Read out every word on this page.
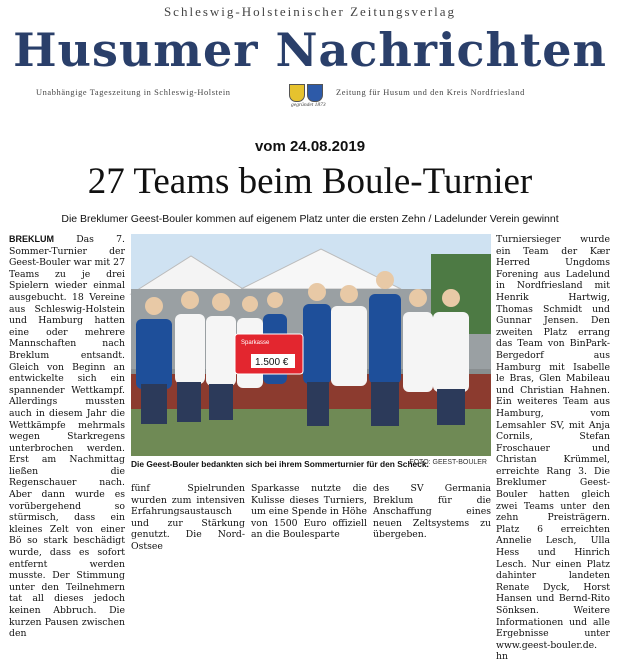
Schleswig-Holsteinischer Zeitungsverlag
Husumer Nachrichten
Unabhängige Tageszeitung in Schleswig-Holstein
gegründet 1873
Zeitung für Husum und den Kreis Nordfriesland
vom 24.08.2019
27 Teams beim Boule-Turnier
Die Breklumer Geest-Bouler kommen auf eigenem Platz unter die ersten Zehn / Ladelunder Verein gewinnt

BREKLUM Das 7. Sommer-Turnier der Geest-Bouler war mit 27 Teams zu je drei Spielern wieder einmal ausgebucht. 18 Vereine aus Schleswig-Holstein und Hamburg hatten eine oder mehrere Mannschaften nach Breklum entsandt. Gleich von Beginn an entwickelte sich ein spannender Wettkampf. Allerdings mussten auch in diesem Jahr die Wettkämpfe mehrmals wegen Starkregens unterbrochen werden. Erst am Nachmittag ließen die Regenschauer nach. Aber dann wurde es vorübergehend so stürmisch, dass ein kleines Zelt von einer Bö so stark beschädigt wurde, dass es sofort entfernt werden musste. Der Stimmung unter den Teilnehmern tat all dieses jedoch keinen Abbruch. Die kurzen Pausen zwischen den

Sparkasse
1.500 €
Die Geest-Bouler bedankten sich bei ihrem Sommerturnier für den Scheck.
FOTO: GEEST-BOULER

fünf Spielrunden wurden zum intensiven Erfahrungsaustausch und zur Stärkung genutzt. Die Nord-Ostsee

Sparkasse nutzte die Kulisse dieses Turniers, um eine Spende in Höhe von 1500 Euro offiziell an die Boulesparte

des SV Germania Breklum für die Anschaffung eines neuen Zeltsystems zu übergeben.

Turniersieger wurde ein Team der Kær Herred Ungdoms Forening aus Ladelund in Nordfriesland mit Henrik Hartwig, Thomas Schmidt und Gunnar Jensen. Den zweiten Platz errang das Team von BinPark-Bergedorf aus Hamburg mit Isabelle le Bras, Glen Mabileau und Christian Hahnen. Ein weiteres Team aus Hamburg, vom Lemsahler SV, mit Anja Cornils, Stefan Froschauer und Christan Krümmel, erreichte Rang 3. Die Breklumer Geest-Bouler hatten gleich zwei Teams unter den zehn Preisträgern. Platz 6 erreichten Annelie Lesch, Ulla Hess und Hinrich Lesch. Nur einen Platz dahinter landeten Renate Dyck, Horst Hansen und Bernd-Rito Sönksen. Weitere Informationen und alle Ergebnisse unter www.geest-bouler.de. hn
